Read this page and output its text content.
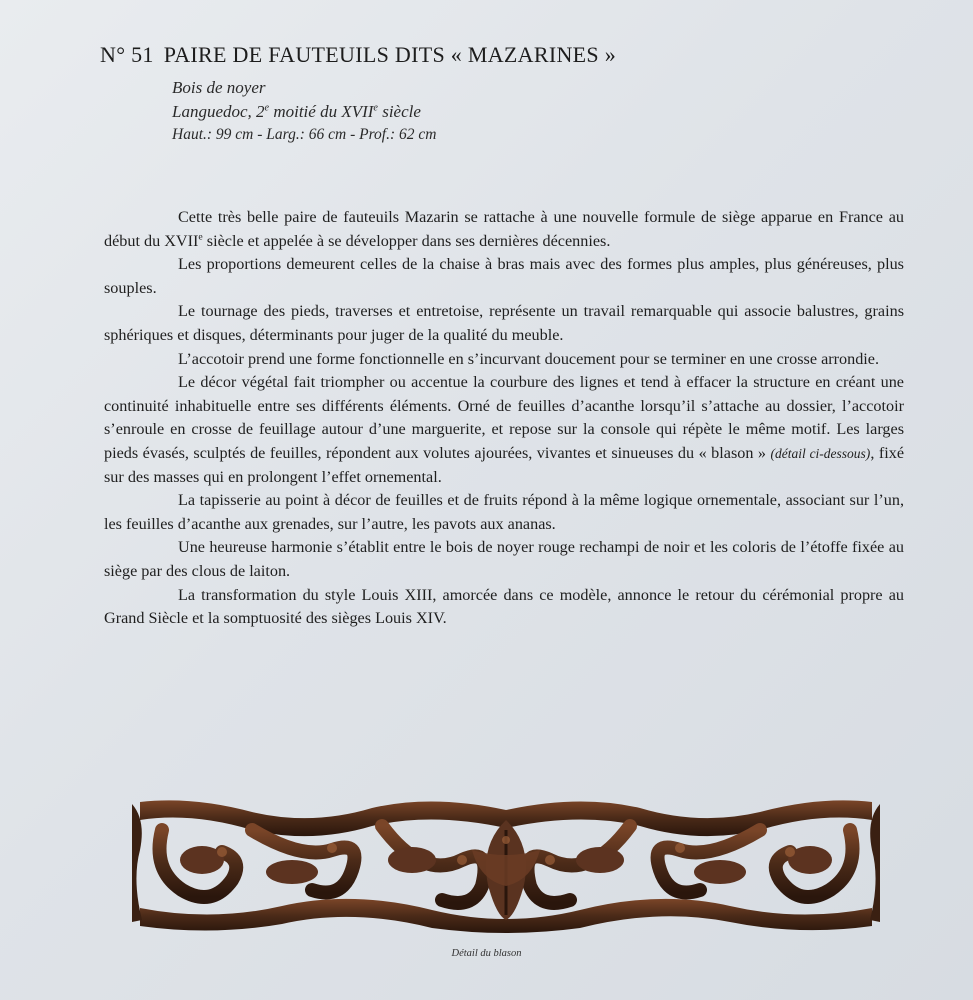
N° 51 PAIRE DE FAUTEUILS DITS « MAZARINES »
Bois de noyer
Languedoc, 2e moitié du XVIIe siècle
Haut.: 99 cm - Larg.: 66 cm - Prof.: 62 cm

Cette très belle paire de fauteuils Mazarin se rattache à une nouvelle formule de siège apparue en France au début du XVIIe siècle et appelée à se développer dans ses dernières décennies.

Les proportions demeurent celles de la chaise à bras mais avec des formes plus amples, plus généreuses, plus souples.

Le tournage des pieds, traverses et entretoise, représente un travail remarquable qui associe balustres, grains sphériques et disques, déterminants pour juger de la qualité du meuble.

L’accotoir prend une forme fonctionnelle en s’incurvant doucement pour se terminer en une crosse arrondie.

Le décor végétal fait triompher ou accentue la courbure des lignes et tend à effacer la structure en créant une continuité inhabituelle entre ses différents éléments. Orné de feuilles d’acanthe lorsqu’il s’attache au dossier, l’accotoir s’enroule en crosse de feuillage autour d’une marguerite, et repose sur la console qui répète le même motif. Les larges pieds évasés, sculptés de feuilles, répondent aux volutes ajourées, vivantes et sinueuses du « blason » (détail ci-dessous), fixé sur des masses qui en prolongent l’effet ornemental.

La tapisserie au point à décor de feuilles et de fruits répond à la même logique ornementale, associant sur l’un, les feuilles d’acanthe aux grenades, sur l’autre, les pavots aux ananas.

Une heureuse harmonie s’établit entre le bois de noyer rouge rechampi de noir et les coloris de l’étoffe fixée au siège par des clous de laiton.

La transformation du style Louis XIII, amorcée dans ce modèle, annonce le retour du cérémonial propre au Grand Siècle et la somptuosité des sièges Louis XIV.

Détail du blason
